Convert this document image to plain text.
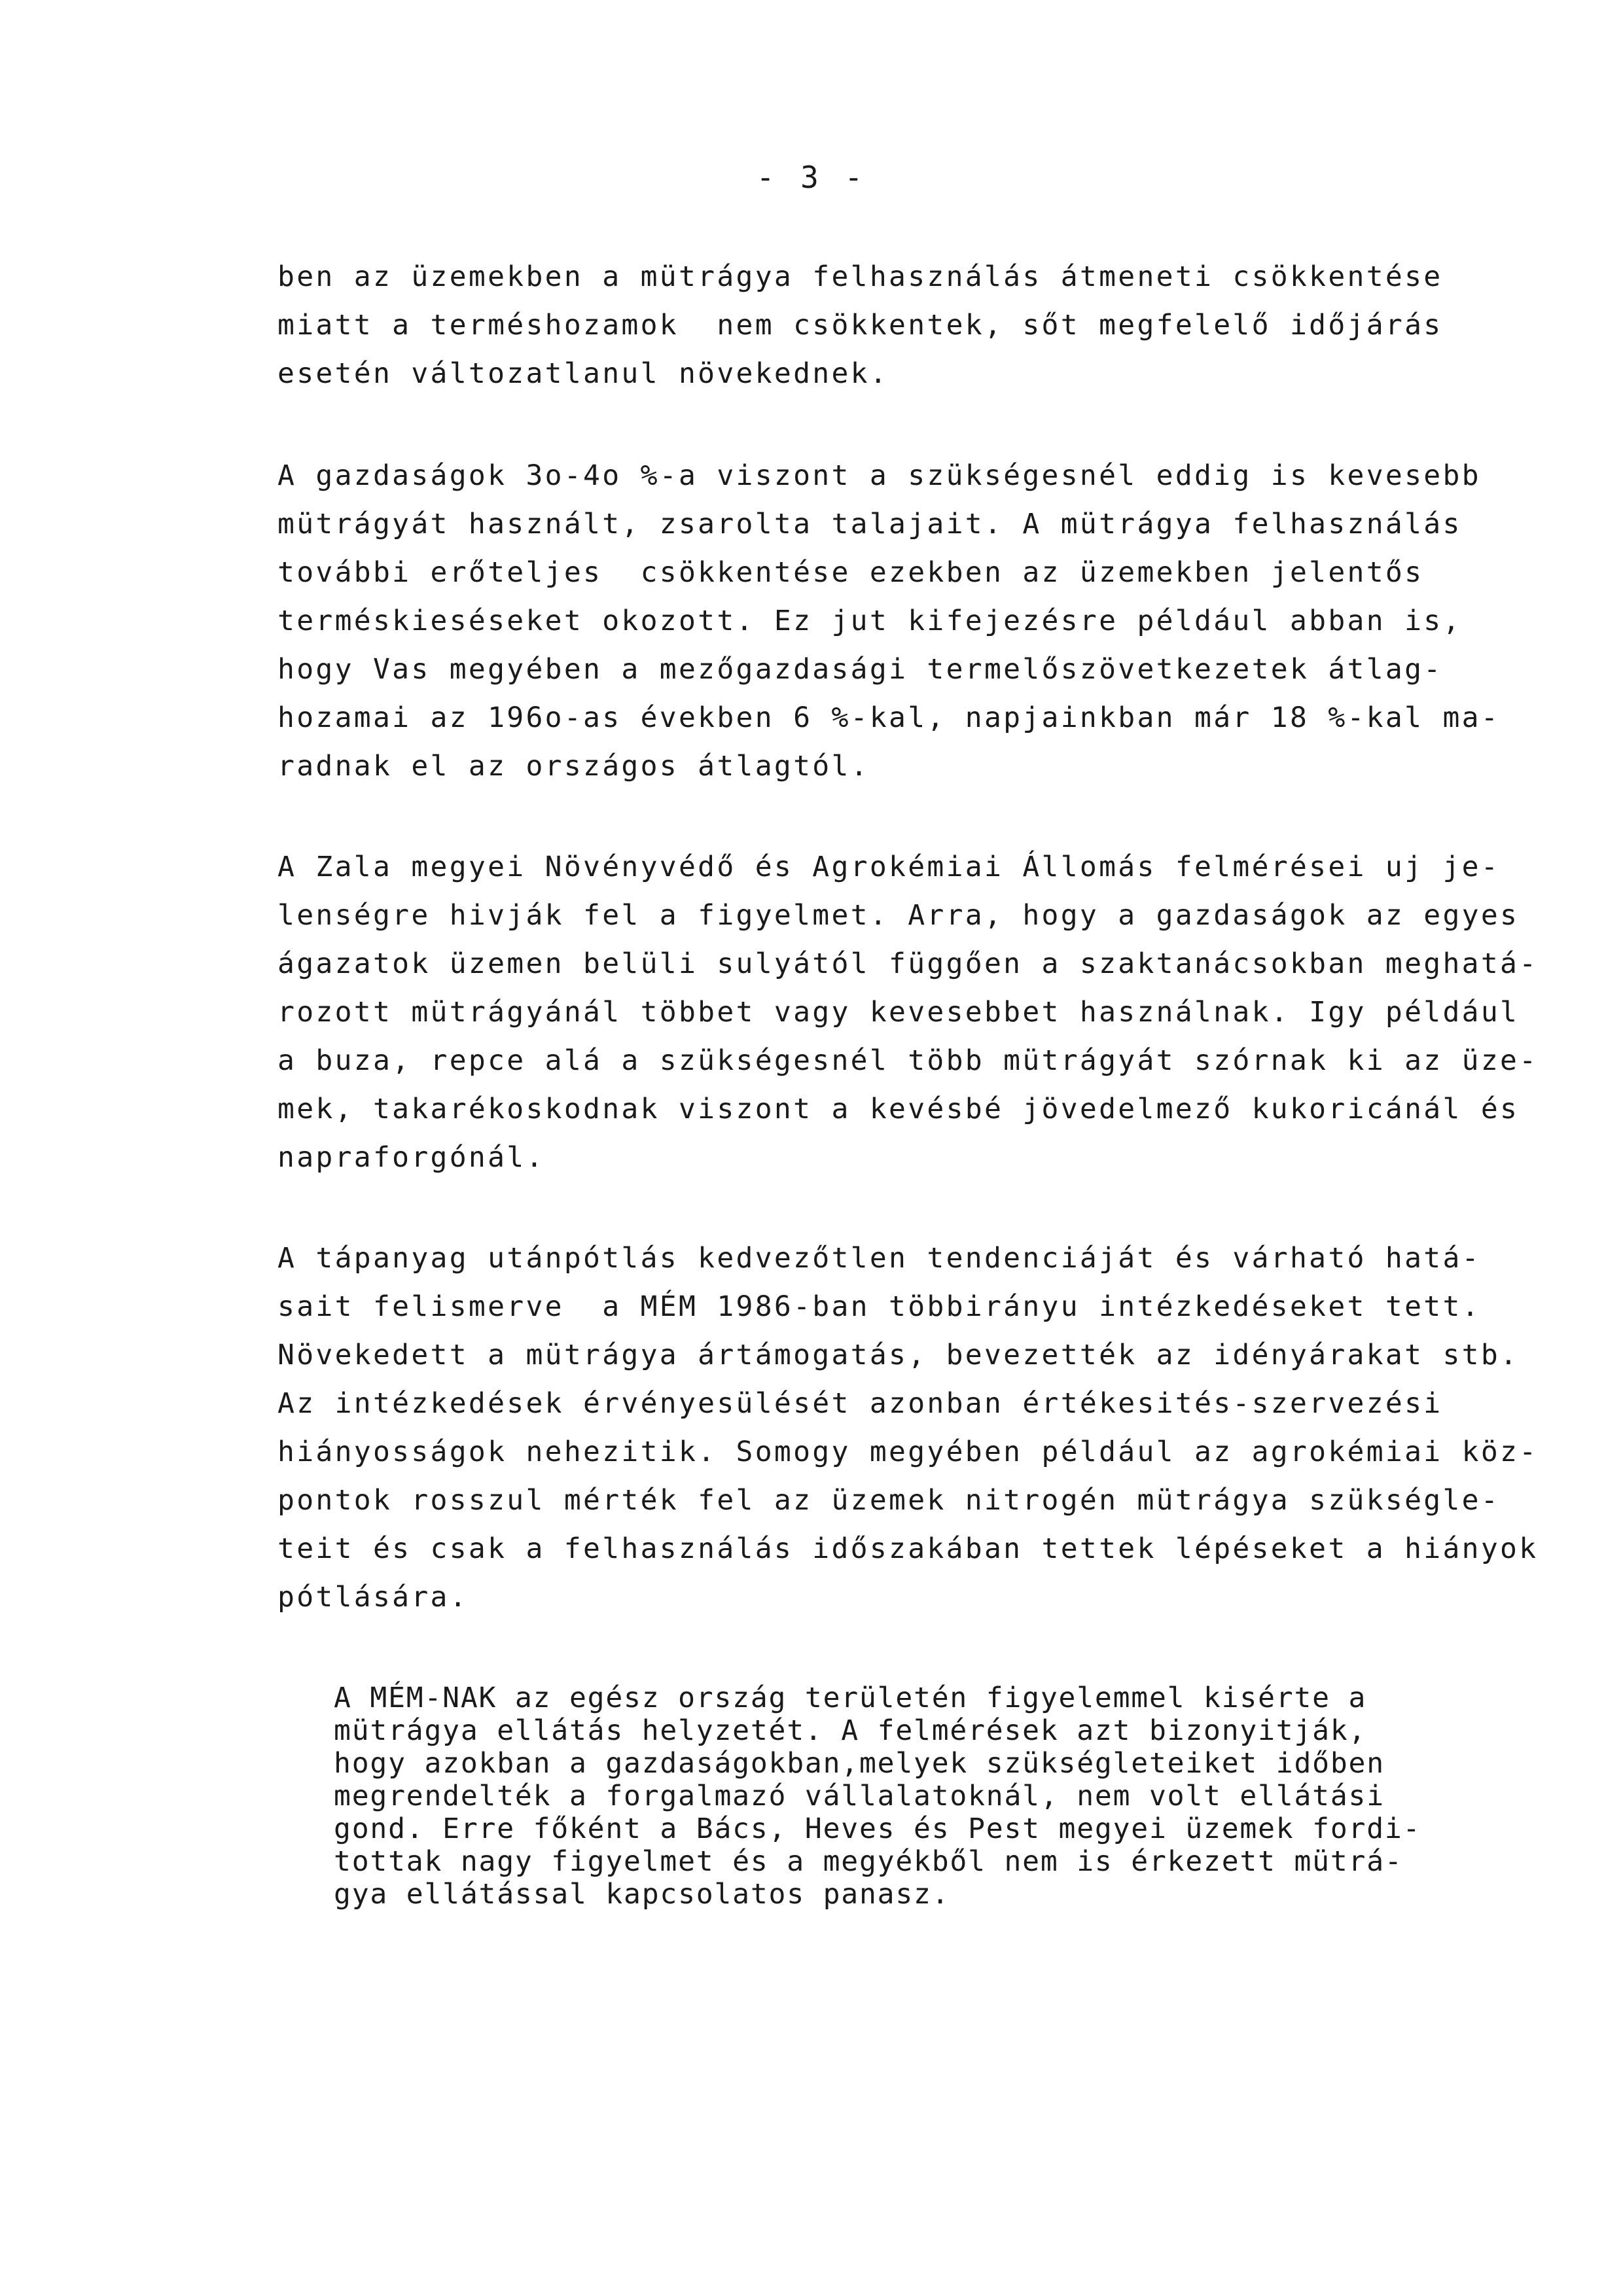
- 3 -
ben az üzemekben a mütrágya felhasználás átmeneti csökkentése
miatt a terméshozamok  nem csökkentek, sőt megfelelő időjárás
esetén változatlanul növekednek.
A gazdaságok 3o-4o %-a viszont a szükségesnél eddig is kevesebb
mütrágyát használt, zsarolta talajait. A mütrágya felhasználás
további erőteljes  csökkentése ezekben az üzemekben jelentős
terméskieséseket okozott. Ez jut kifejezésre például abban is,
hogy Vas megyében a mezőgazdasági termelőszövetkezetek átlag-
hozamai az 196o-as években 6 %-kal, napjainkban már 18 %-kal ma-
radnak el az országos átlagtól.
A Zala megyei Növényvédő és Agrokémiai Állomás felmérései uj je-
lenségre hivják fel a figyelmet. Arra, hogy a gazdaságok az egyes
ágazatok üzemen belüli sulyától függően a szaktanácsokban meghatá-
rozott mütrágyánál többet vagy kevesebbet használnak. Igy például
a buza, repce alá a szükségesnél több mütrágyát szórnak ki az üze-
mek, takarékoskodnak viszont a kevésbé jövedelmező kukoricánál és
napraforgónál.
A tápanyag utánpótlás kedvezőtlen tendenciáját és várható hatá-
sait felismerve  a MÉM 1986-ban többirányu intézkedéseket tett.
Növekedett a mütrágya ártámogatás, bevezették az idényárakat stb.
Az intézkedések érvényesülését azonban értékesités-szervezési
hiányosságok nehezitik. Somogy megyében például az agrokémiai köz-
pontok rosszul mérték fel az üzemek nitrogén mütrágya szükségle-
teit és csak a felhasználás időszakában tettek lépéseket a hiányok
pótlására.
A MÉM-NAK az egész ország területén figyelemmel kisérte a
mütrágya ellátás helyzetét. A felmérések azt bizonyitják,
hogy azokban a gazdaságokban,melyek szükségleteiket időben
megrendelték a forgalmazó vállalatoknál, nem volt ellátási
gond. Erre főként a Bács, Heves és Pest megyei üzemek fordi-
tottak nagy figyelmet és a megyékből nem is érkezett mütrá-
gya ellátással kapcsolatos panasz.
